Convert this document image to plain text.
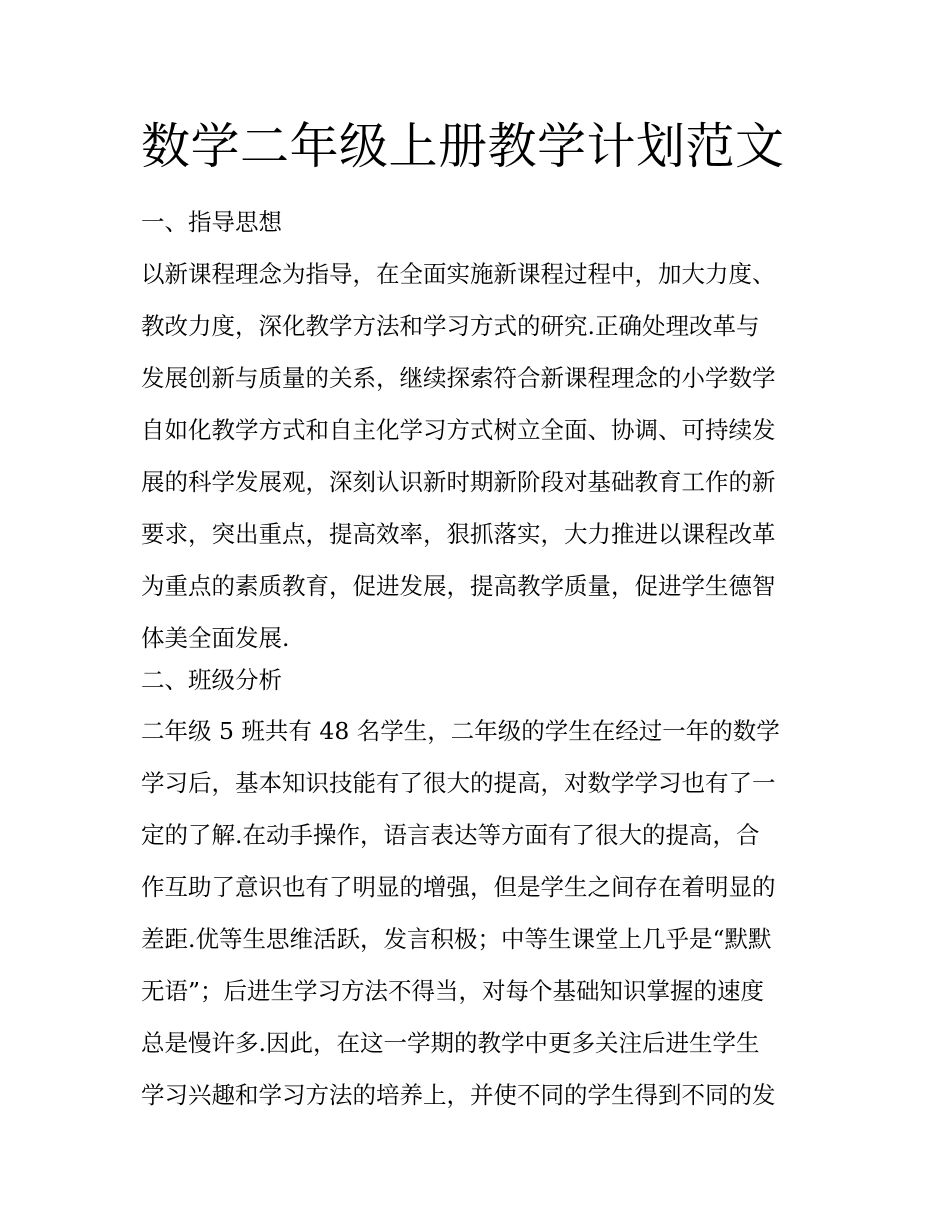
数学二年级上册教学计划范文
一、指导思想
以新课程理念为指导，在全面实施新课程过程中，加大力度、
教改力度，深化教学方法和学习方式的研究.正确处理改革与
发展创新与质量的关系，继续探索符合新课程理念的小学数学
自如化教学方式和自主化学习方式树立全面、协调、可持续发
展的科学发展观，深刻认识新时期新阶段对基础教育工作的新
要求，突出重点，提高效率，狠抓落实，大力推进以课程改革
为重点的素质教育，促进发展，提高教学质量，促进学生德智
体美全面发展.
二、班级分析
二年级 5 班共有 48 名学生，二年级的学生在经过一年的数学
学习后，基本知识技能有了很大的提高，对数学学习也有了一
定的了解.在动手操作，语言表达等方面有了很大的提高，合
作互助了意识也有了明显的增强，但是学生之间存在着明显的
差距.优等生思维活跃，发言积极；中等生课堂上几乎是“默默
无语”；后进生学习方法不得当，对每个基础知识掌握的速度
总是慢许多.因此，在这一学期的教学中更多关注后进生学生
学习兴趣和学习方法的培养上，并使不同的学生得到不同的发
